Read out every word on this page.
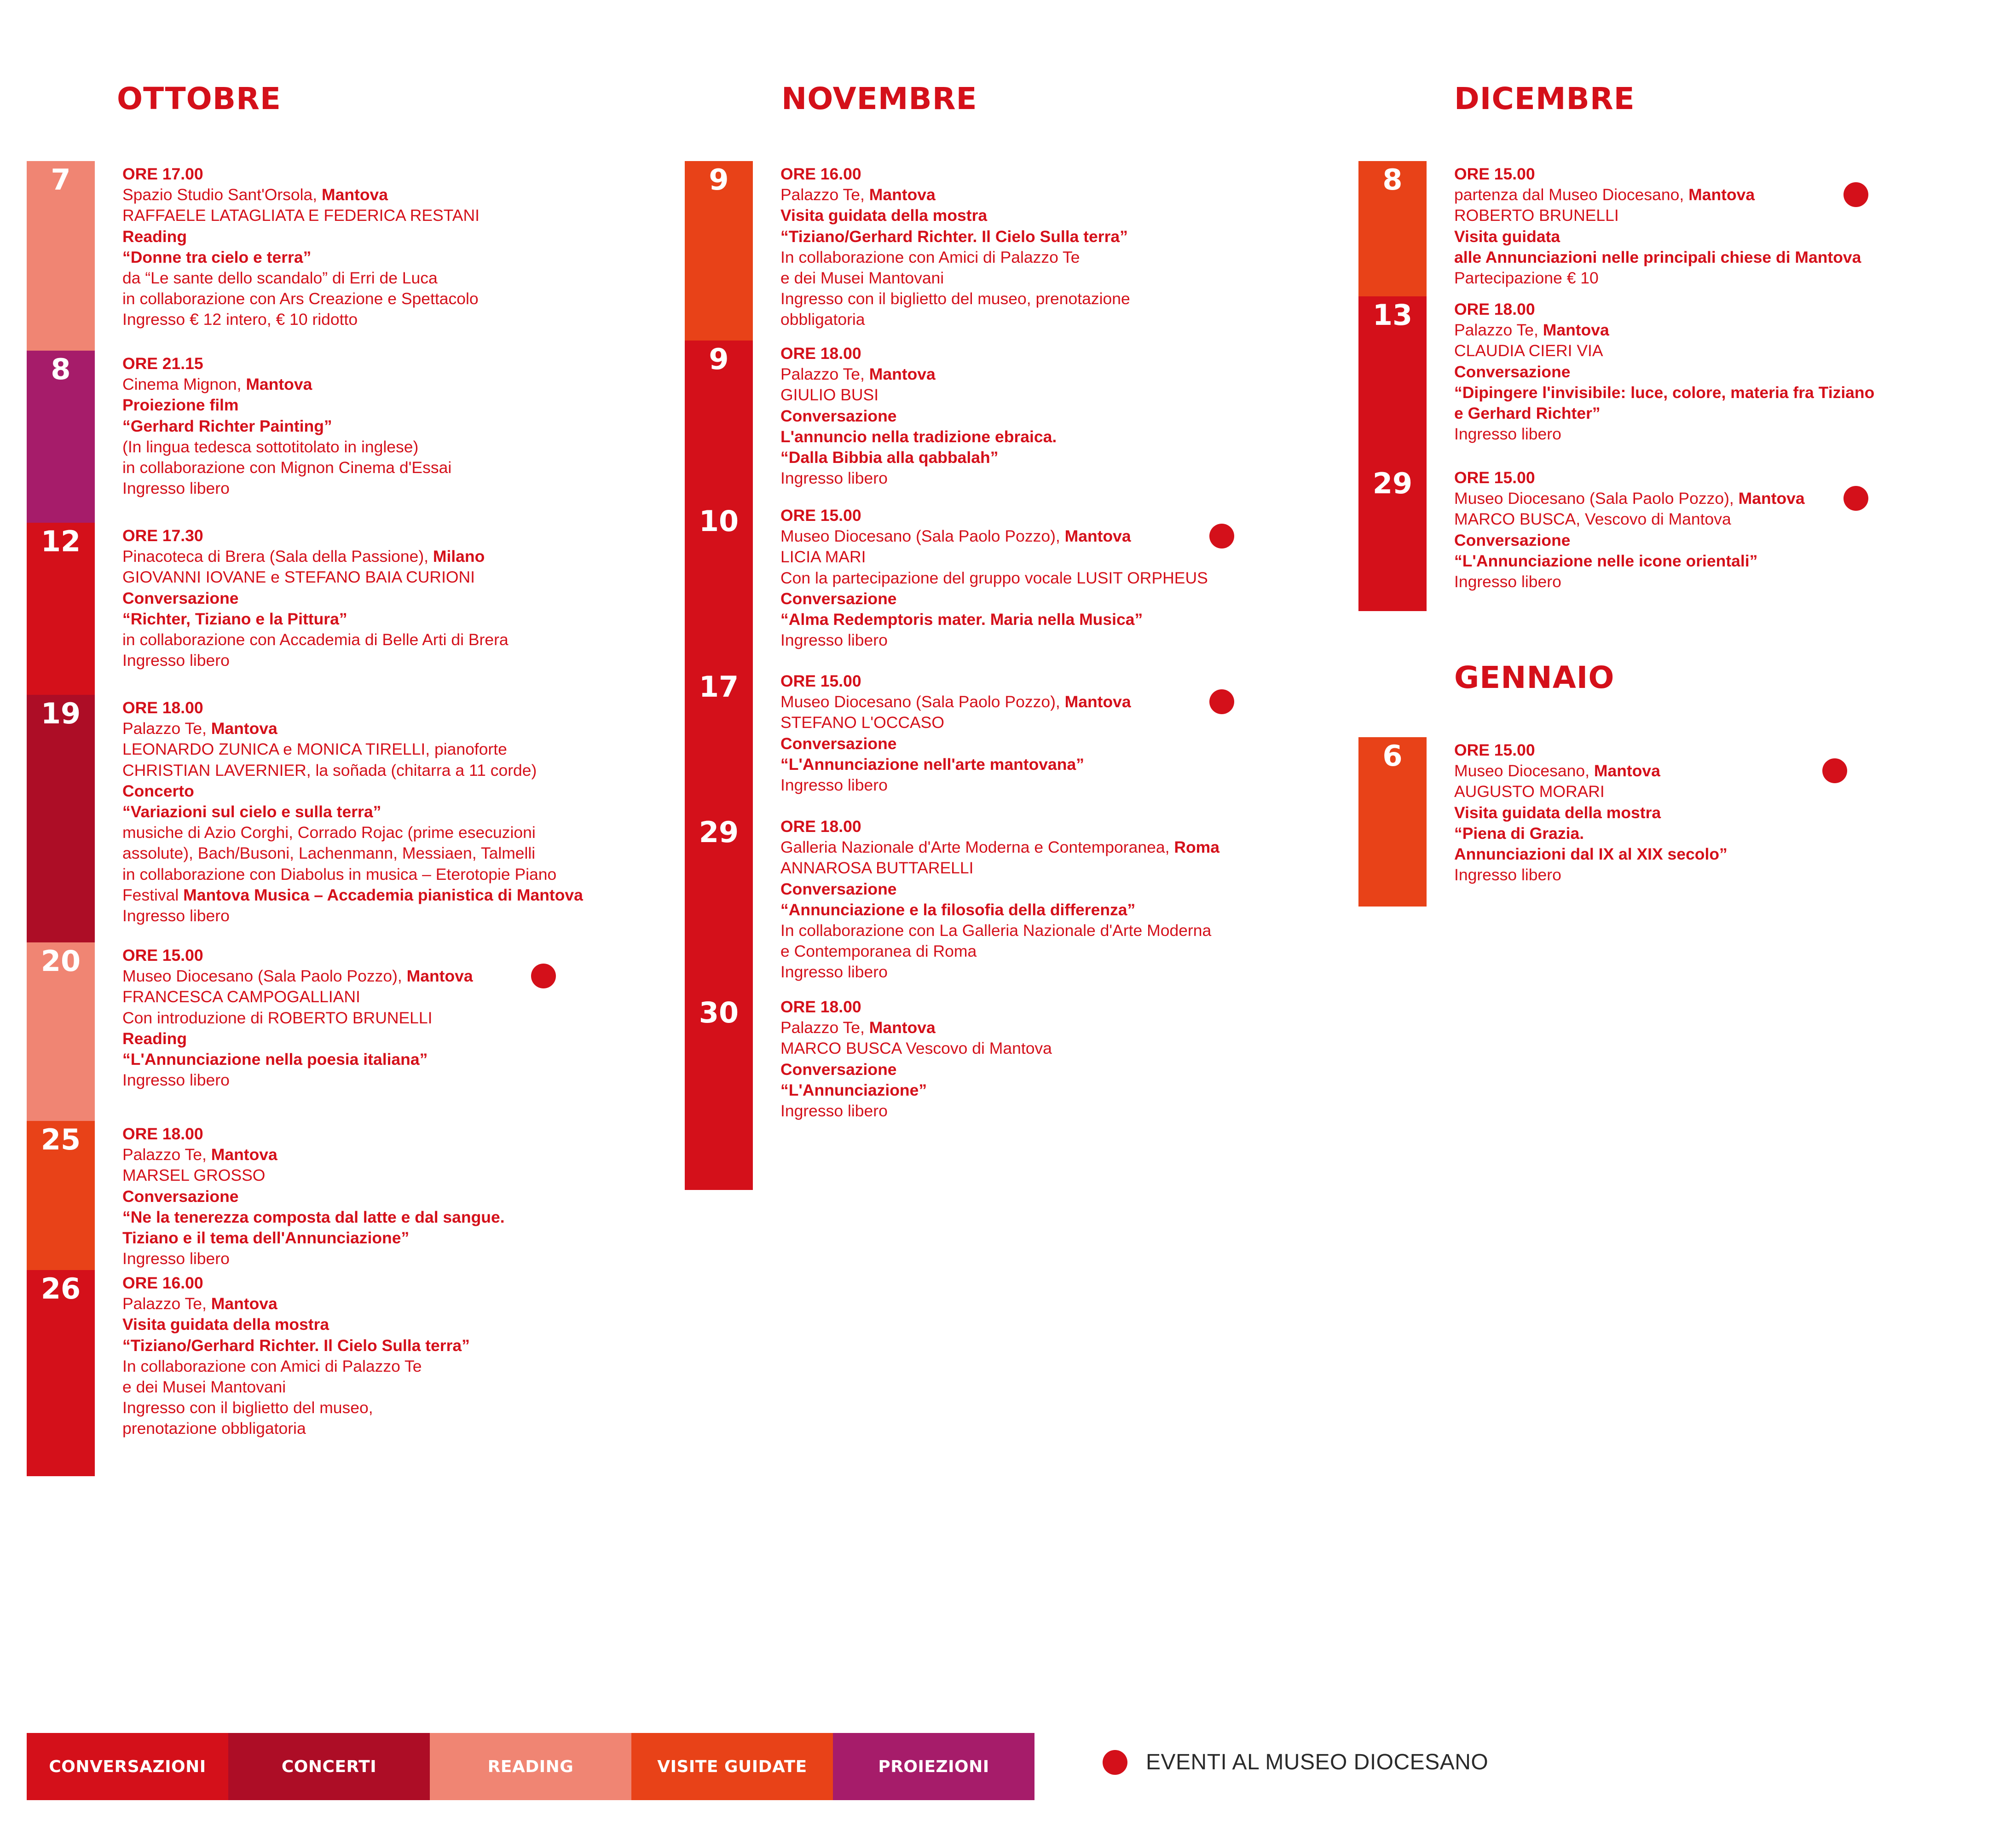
OTTOBRE	NOVEMBRE	DICEMBRE
GENNAIO
7	ORE 17.00
Spazio Studio Sant'Orsola, Mantova
RAFFAELE LATAGLIATA E FEDERICA RESTANI
Reading
“Donne tra cielo e terra”
da “Le sante dello scandalo” di Erri de Luca
in collaborazione con Ars Creazione e Spettacolo
Ingresso € 12 intero, € 10 ridotto
8	ORE 21.15
Cinema Mignon, Mantova
Proiezione film
“Gerhard Richter Painting”
(In lingua tedesca sottotitolato in inglese)
in collaborazione con Mignon Cinema d'Essai
Ingresso libero
12	ORE 17.30
Pinacoteca di Brera (Sala della Passione), Milano
GIOVANNI IOVANE e STEFANO BAIA CURIONI
Conversazione
“Richter, Tiziano e la Pittura”
in collaborazione con Accademia di Belle Arti di Brera
Ingresso libero
19	ORE 18.00
Palazzo Te, Mantova
LEONARDO ZUNICA e MONICA TIRELLI, pianoforte
CHRISTIAN LAVERNIER, la soñada (chitarra a 11 corde)
Concerto
“Variazioni sul cielo e sulla terra”
musiche di Azio Corghi, Corrado Rojac (prime esecuzioni
assolute), Bach/Busoni, Lachenmann, Messiaen, Talmelli
in collaborazione con Diabolus in musica – Eterotopie Piano
Festival Mantova Musica – Accademia pianistica di Mantova
Ingresso libero
20	ORE 15.00
Museo Diocesano (Sala Paolo Pozzo), Mantova
FRANCESCA CAMPOGALLIANI
Con introduzione di ROBERTO BRUNELLI
Reading
“L'Annunciazione nella poesia italiana”
Ingresso libero
25	ORE 18.00
Palazzo Te, Mantova
MARSEL GROSSO
Conversazione
“Ne la tenerezza composta dal latte e dal sangue.
Tiziano e il tema dell'Annunciazione”
Ingresso libero
26	ORE 16.00
Palazzo Te, Mantova
Visita guidata della mostra
“Tiziano/Gerhard Richter. Il Cielo Sulla terra”
In collaborazione con Amici di Palazzo Te
e dei Musei Mantovani
Ingresso con il biglietto del museo,
prenotazione obbligatoria
9	ORE 16.00
Palazzo Te, Mantova
Visita guidata della mostra
“Tiziano/Gerhard Richter. Il Cielo Sulla terra”
In collaborazione con Amici di Palazzo Te
e dei Musei Mantovani
Ingresso con il biglietto del museo, prenotazione
obbligatoria
9	ORE 18.00
Palazzo Te, Mantova
GIULIO BUSI
Conversazione
L'annuncio nella tradizione ebraica.
“Dalla Bibbia alla qabbalah”
Ingresso libero
10	ORE 15.00
Museo Diocesano (Sala Paolo Pozzo), Mantova
LICIA MARI
Con la partecipazione del gruppo vocale LUSIT ORPHEUS
Conversazione
“Alma Redemptoris mater. Maria nella Musica”
Ingresso libero
17	ORE 15.00
Museo Diocesano (Sala Paolo Pozzo), Mantova
STEFANO L'OCCASO
Conversazione
“L'Annunciazione nell'arte mantovana”
Ingresso libero
29	ORE 18.00
Galleria Nazionale d'Arte Moderna e Contemporanea, Roma
ANNAROSA BUTTARELLI
Conversazione
“Annunciazione e la filosofia della differenza”
In collaborazione con La Galleria Nazionale d'Arte Moderna
e Contemporanea di Roma
Ingresso libero
30	ORE 18.00
Palazzo Te, Mantova
MARCO BUSCA Vescovo di Mantova
Conversazione
“L'Annunciazione”
Ingresso libero
8	ORE 15.00
partenza dal Museo Diocesano, Mantova
ROBERTO BRUNELLI
Visita guidata
alle Annunciazioni nelle principali chiese di Mantova
Partecipazione € 10
13	ORE 18.00
Palazzo Te, Mantova
CLAUDIA CIERI VIA
Conversazione
“Dipingere l'invisibile: luce, colore, materia fra Tiziano
e Gerhard Richter”
Ingresso libero
29	ORE 15.00
Museo Diocesano (Sala Paolo Pozzo), Mantova
MARCO BUSCA, Vescovo di Mantova
Conversazione
“L'Annunciazione nelle icone orientali”
Ingresso libero
6	ORE 15.00
Museo Diocesano, Mantova
AUGUSTO MORARI
Visita guidata della mostra
“Piena di Grazia.
Annunciazioni dal IX al XIX secolo”
Ingresso libero
CONVERSAZIONI	CONCERTI	READING	VISITE GUIDATE	PROIEZIONI	EVENTI AL MUSEO DIOCESANO
